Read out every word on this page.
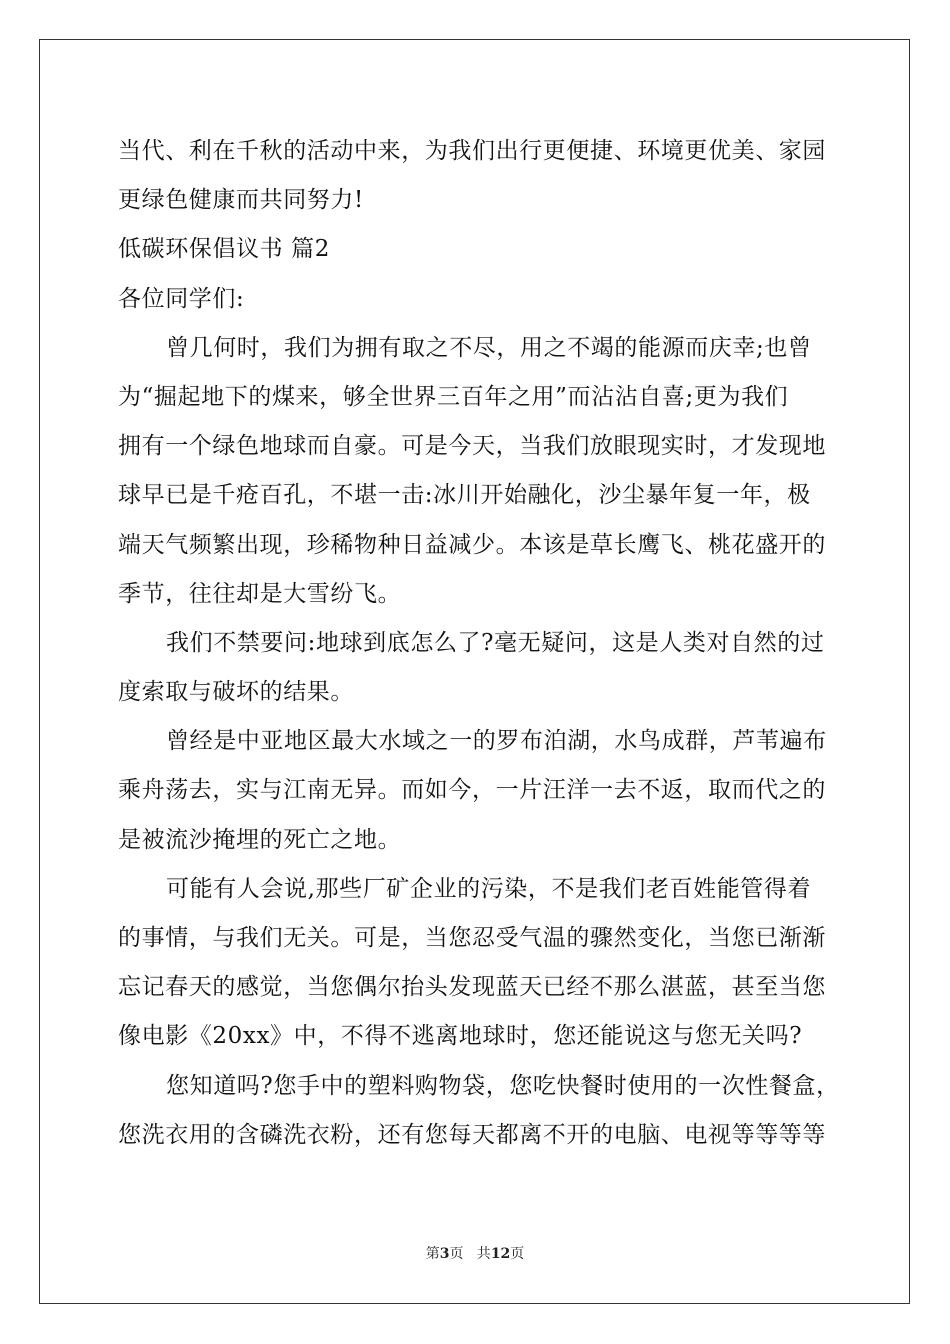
当代、利在千秋的活动中来，为我们出行更便捷、环境更优美、家园
更绿色健康而共同努力!
低碳环保倡议书 篇2
各位同学们:
曾几何时，我们为拥有取之不尽，用之不竭的能源而庆幸;也曾
为“掘起地下的煤来，够全世界三百年之用”而沾沾自喜;更为我们
拥有一个绿色地球而自豪。可是今天，当我们放眼现实时，才发现地
球早已是千疮百孔，不堪一击:冰川开始融化，沙尘暴年复一年，极
端天气频繁出现，珍稀物种日益减少。本该是草长鹰飞、桃花盛开的
季节，往往却是大雪纷飞。
我们不禁要问:地球到底怎么了?毫无疑问，这是人类对自然的过
度索取与破坏的结果。
曾经是中亚地区最大水域之一的罗布泊湖，水鸟成群，芦苇遍布
乘舟荡去，实与江南无异。而如今，一片汪洋一去不返，取而代之的
是被流沙掩埋的死亡之地。
可能有人会说,那些厂矿企业的污染，不是我们老百姓能管得着
的事情，与我们无关。可是，当您忍受气温的骤然变化，当您已渐渐
忘记春天的感觉，当您偶尔抬头发现蓝天已经不那么湛蓝，甚至当您
像电影《20xx》中，不得不逃离地球时，您还能说这与您无关吗?
您知道吗?您手中的塑料购物袋，您吃快餐时使用的一次性餐盒，
您洗衣用的含磷洗衣粉，还有您每天都离不开的电脑、电视等等等等
第3页   共12页
